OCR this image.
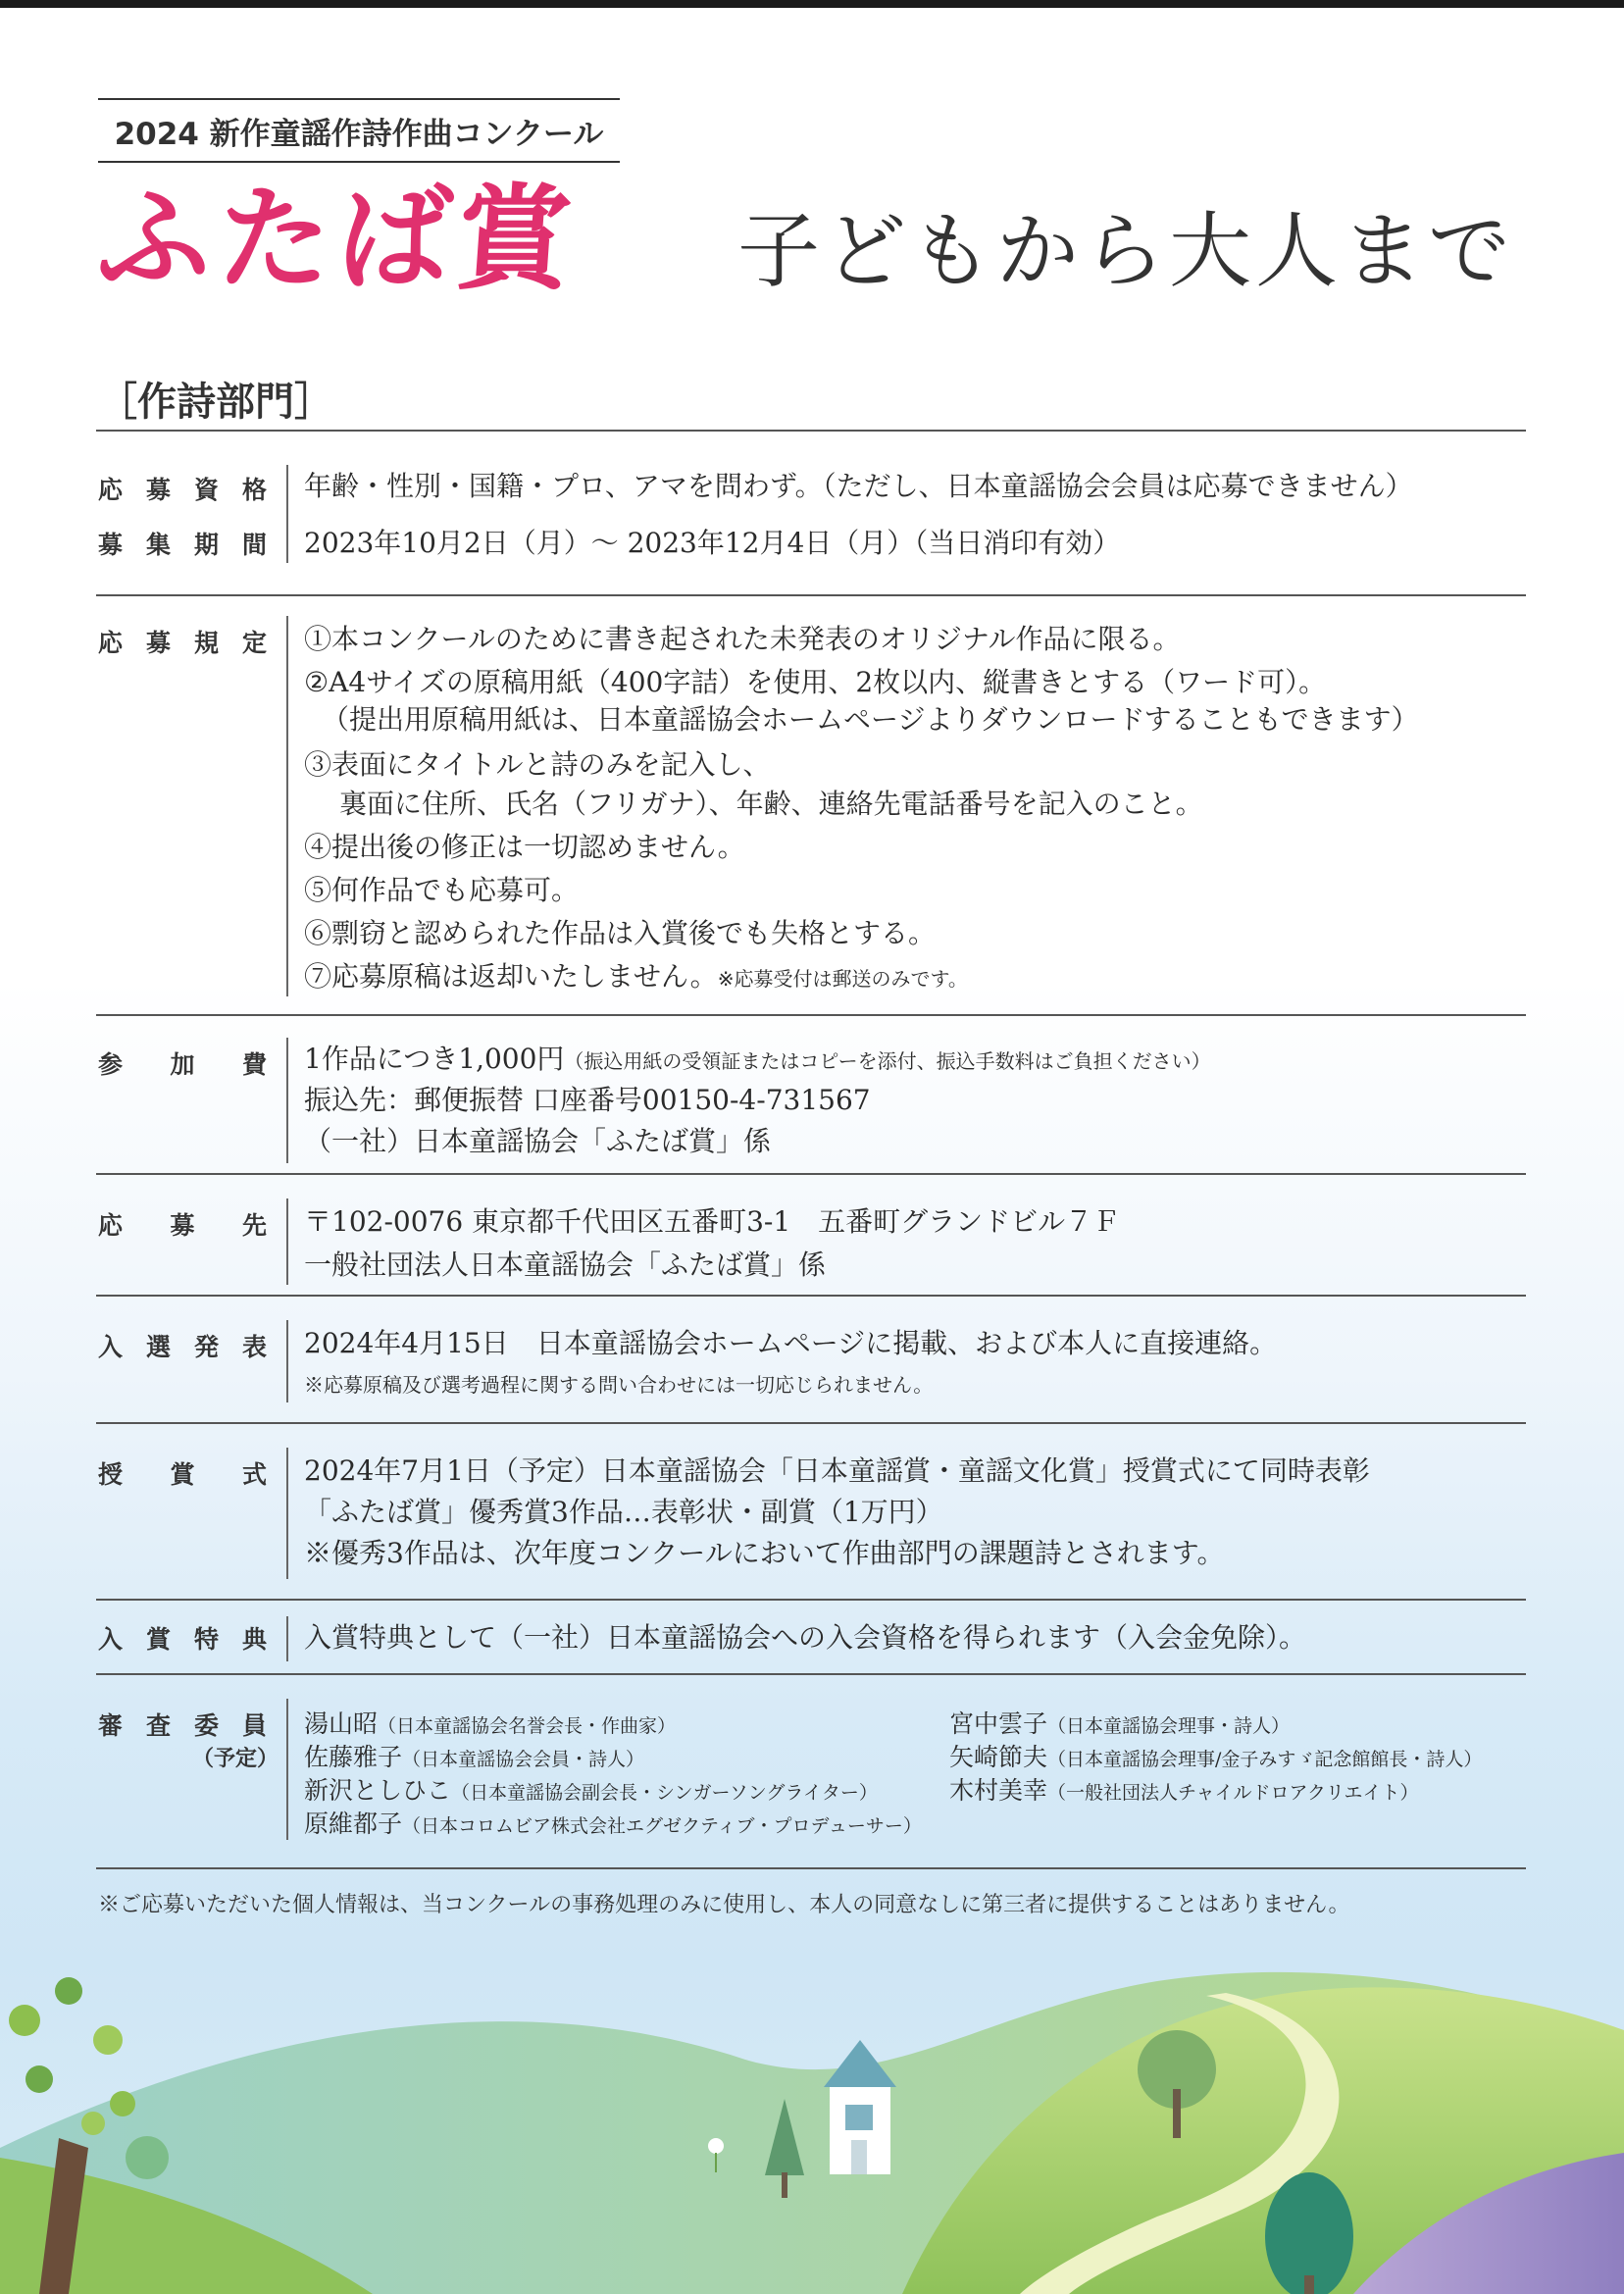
2024 新作童謡作詩作曲コンクール
ふたば賞 子どもから大人まで
［作詩部門］
応 募 資 格 年齢・性別・国籍・プロ、アマを問わず。（ただし、日本童謡協会会員は応募できません）
募 集 期 間 2023年10月2日（月）～ 2023年12月4日（月）（当日消印有効）
応 募 規 定 ①本コンクールのために書き起された未発表のオリジナル作品に限る。
②A4サイズの原稿用紙（400字詰）を使用、2枚以内、縦書きとする（ワード可）。
（提出用原稿用紙は、日本童謡協会ホームページよりダウンロードすることもできます）
③表面にタイトルと詩のみを記入し、
裏面に住所、氏名（フリガナ）、年齢、連絡先電話番号を記入のこと。
④提出後の修正は一切認めません。
⑤何作品でも応募可。
⑥剽窃と認められた作品は入賞後でも失格とする。
⑦応募原稿は返却いたしません。※応募受付は郵送のみです。
参 加 費 1作品につき1,000円（振込用紙の受領証またはコピーを添付、振込手数料はご負担ください）
振込先：郵便振替 口座番号00150-4-731567
（一社）日本童謡協会「ふたば賞」係
応 募 先 〒102-0076 東京都千代田区五番町3-1　五番町グランドビル７Ｆ
一般社団法人日本童謡協会「ふたば賞」係
入 選 発 表 2024年4月15日　日本童謡協会ホームページに掲載、および本人に直接連絡。
※応募原稿及び選考過程に関する問い合わせには一切応じられません。
授 賞 式 2024年7月1日（予定）日本童謡協会「日本童謡賞・童謡文化賞」授賞式にて同時表彰
「ふたば賞」優秀賞3作品…表彰状・副賞（1万円）
※優秀3作品は、次年度コンクールにおいて作曲部門の課題詩とされます。
入 賞 特 典 入賞特典として（一社）日本童謡協会への入会資格を得られます（入会金免除）。
審 査 委 員
（予定）
湯山昭（日本童謡協会名誉会長・作曲家）
佐藤雅子（日本童謡協会会員・詩人）
新沢としひこ（日本童謡協会副会長・シンガーソングライター）
原維都子（日本コロムビア株式会社エグゼクティブ・プロデューサー）
宮中雲子（日本童謡協会理事・詩人）
矢崎節夫（日本童謡協会理事/金子みすゞ記念館館長・詩人）
木村美幸（一般社団法人チャイルドロアクリエイト）
※ご応募いただいた個人情報は、当コンクールの事務処理のみに使用し、本人の同意なしに第三者に提供することはありません。
